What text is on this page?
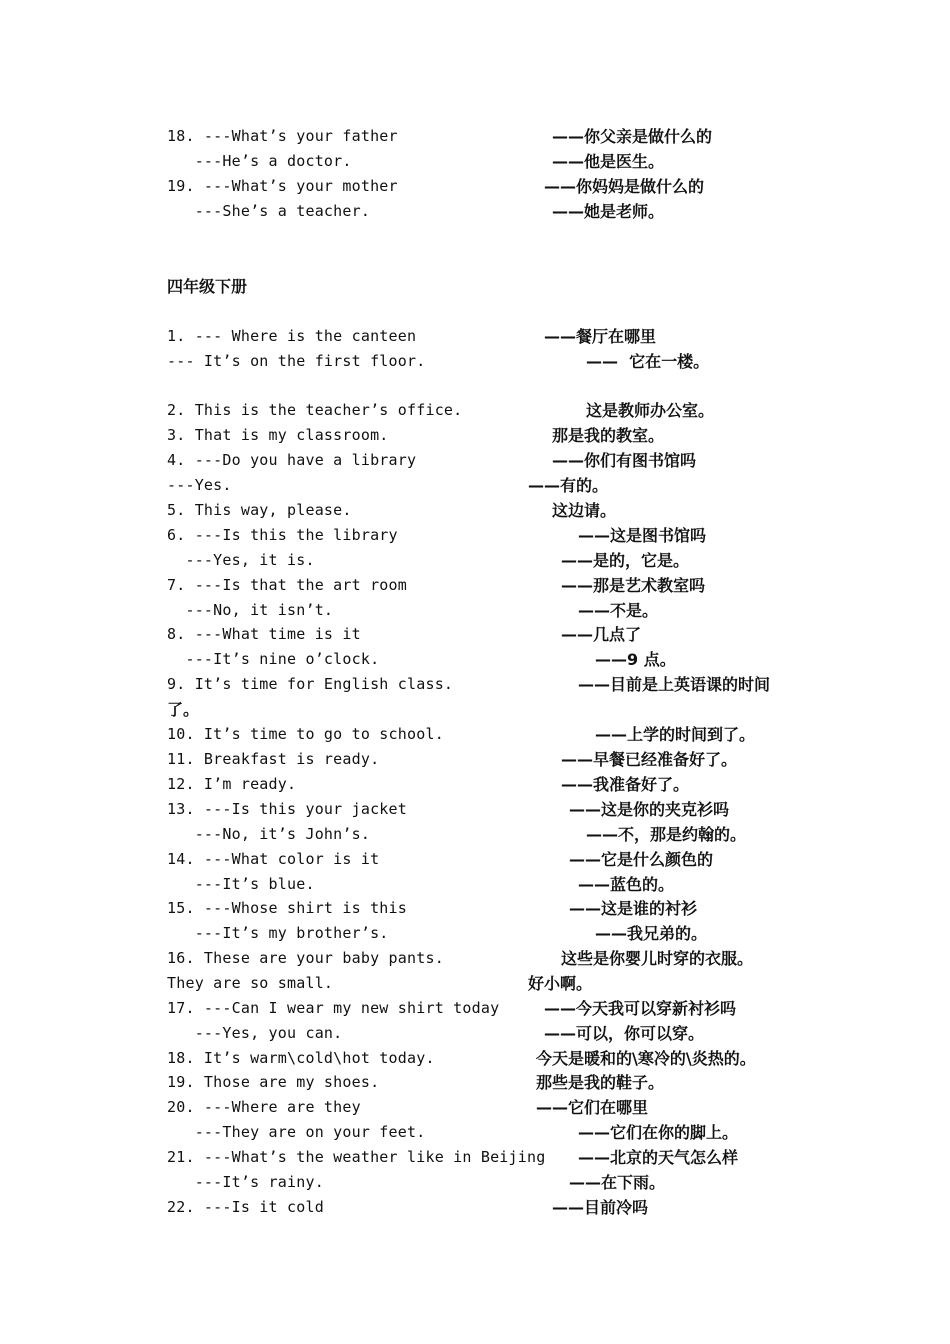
四年级下册
18. ---What’s your father	——你父亲是做什么的
---He’s a doctor.	——他是医生。
19. ---What’s your mother	——你妈妈是做什么的
---She’s a teacher.	——她是老师。
1. --- Where is the canteen	——餐厅在哪里
--- It’s on the first floor.	——  它在一楼。
2. This is the teacher’s office.	这是教师办公室。
3. That is my classroom.	那是我的教室。
4. ---Do you have a library	——你们有图书馆吗
---Yes.	——有的。
5. This way, please.	这边请。
6. ---Is this the library	——这是图书馆吗
---Yes, it is.	——是的，它是。
7. ---Is that the art room	——那是艺术教室吗
---No, it isn’t.	——不是。
8. ---What time is it	——几点了
---It’s nine o’clock.	——9 点。
9. It’s time for English class.	——目前是上英语课的时间
了。
10. It’s time to go to school.	——上学的时间到了。
11. Breakfast is ready.	——早餐已经准备好了。
12. I’m ready.	——我准备好了。
13. ---Is this your jacket	——这是你的夹克衫吗
---No, it’s John’s.	——不，那是约翰的。
14. ---What color is it	——它是什么颜色的
---It’s blue.	——蓝色的。
15. ---Whose shirt is this	——这是谁的衬衫
---It’s my brother’s.	——我兄弟的。
16. These are your baby pants.	这些是你婴儿时穿的衣服。
They are so small.	好小啊。
17. ---Can I wear my new shirt today	——今天我可以穿新衬衫吗
---Yes, you can.	——可以，你可以穿。
18. It’s warm\cold\hot today.	今天是暖和的\寒冷的\炎热的。
19. Those are my shoes.	那些是我的鞋子。
20. ---Where are they	——它们在哪里
---They are on your feet.	——它们在你的脚上。
21. ---What’s the weather like in Beijing ——北京的天气怎么样
---It’s rainy.	——在下雨。
22. ---Is it cold	——目前冷吗
